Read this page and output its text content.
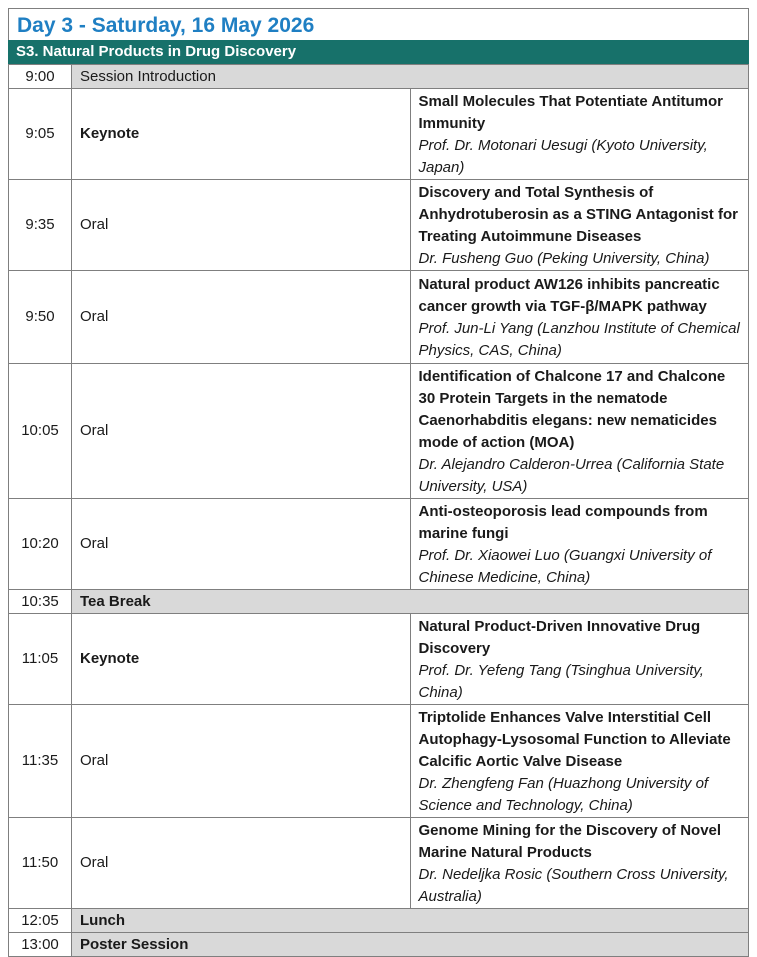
Day 3 - Saturday, 16 May 2026
S3. Natural Products in Drug Discovery
9:00	Session Introduction	
9:05	Keynote	Small Molecules That Potentiate Antitumor Immunity
Prof. Dr. Motonari Uesugi (Kyoto University, Japan)

9:35	Oral	Discovery and Total Synthesis of Anhydrotuberosin as a STING Antagonist for Treating Autoimmune Diseases
Dr. Fusheng Guo (Peking University, China)

9:50	Oral	Natural product AW126 inhibits pancreatic cancer growth via TGF-β/MAPK pathway
Prof. Jun-Li Yang (Lanzhou Institute of Chemical Physics, CAS, China)

10:05	Oral	Identification of Chalcone 17 and Chalcone 30 Protein Targets in the nematode Caenorhabditis elegans: new nematicides mode of action (MOA)
Dr. Alejandro Calderon-Urrea (California State University, USA)

10:20	Oral	Anti-osteoporosis lead compounds from marine fungi
Prof. Dr. Xiaowei Luo (Guangxi University of Chinese Medicine, China)

10:35	Tea Break	
11:05	Keynote	Natural Product-Driven Innovative Drug Discovery
Prof. Dr. Yefeng Tang (Tsinghua University, China)

11:35	Oral	Triptolide Enhances Valve Interstitial Cell Autophagy-Lysosomal Function to Alleviate Calcific Aortic Valve Disease
Dr. Zhengfeng Fan (Huazhong University of Science and Technology, China)

11:50	Oral	Genome Mining for the Discovery of Novel Marine Natural Products
Dr. Nedeljka Rosic (Southern Cross University, Australia)

12:05	Lunch	
13:00	Poster Session	
